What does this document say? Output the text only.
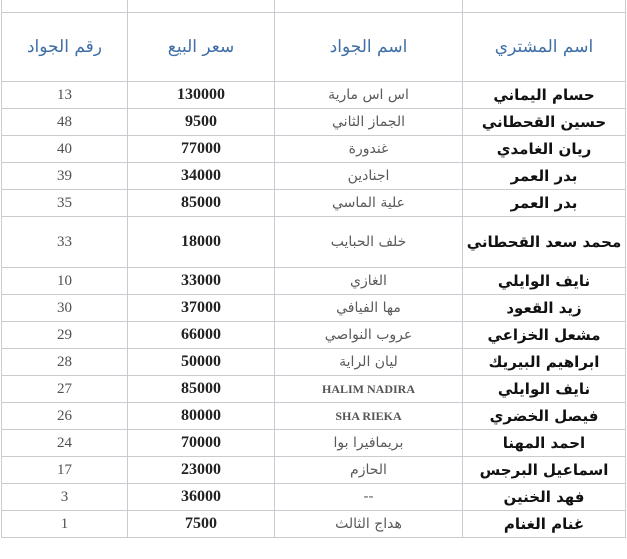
رقم الجواد	سعر البيع	اسم الجواد	اسم المشتري
13	130000	اس اس مارية	حسام اليماني
48	9500	الجماز الثاني	حسين القحطاني
40	77000	غندورة	ريان الغامدي
39	34000	اجنادين	بدر العمر
35	85000	علية الماسي	بدر العمر
33	18000	خلف الحبايب	محمد سعد القحطاني
10	33000	الغازي	نايف الوايلي
30	37000	مها الفيافي	زيد القعود
29	66000	عروب النواصي	مشعل الخزاعي
28	50000	ليان الراية	ابراهيم البيريك
27	85000	HALIM NADIRA	نايف الوايلي
26	80000	SHA RIEKA	فيصل الخضري
24	70000	بريمافيرا بوا	احمد المهنا
17	23000	الحازم	اسماعيل البرجس
3	36000	--	فهد الخنين
1	7500	هداج الثالث	غنام الغنام
